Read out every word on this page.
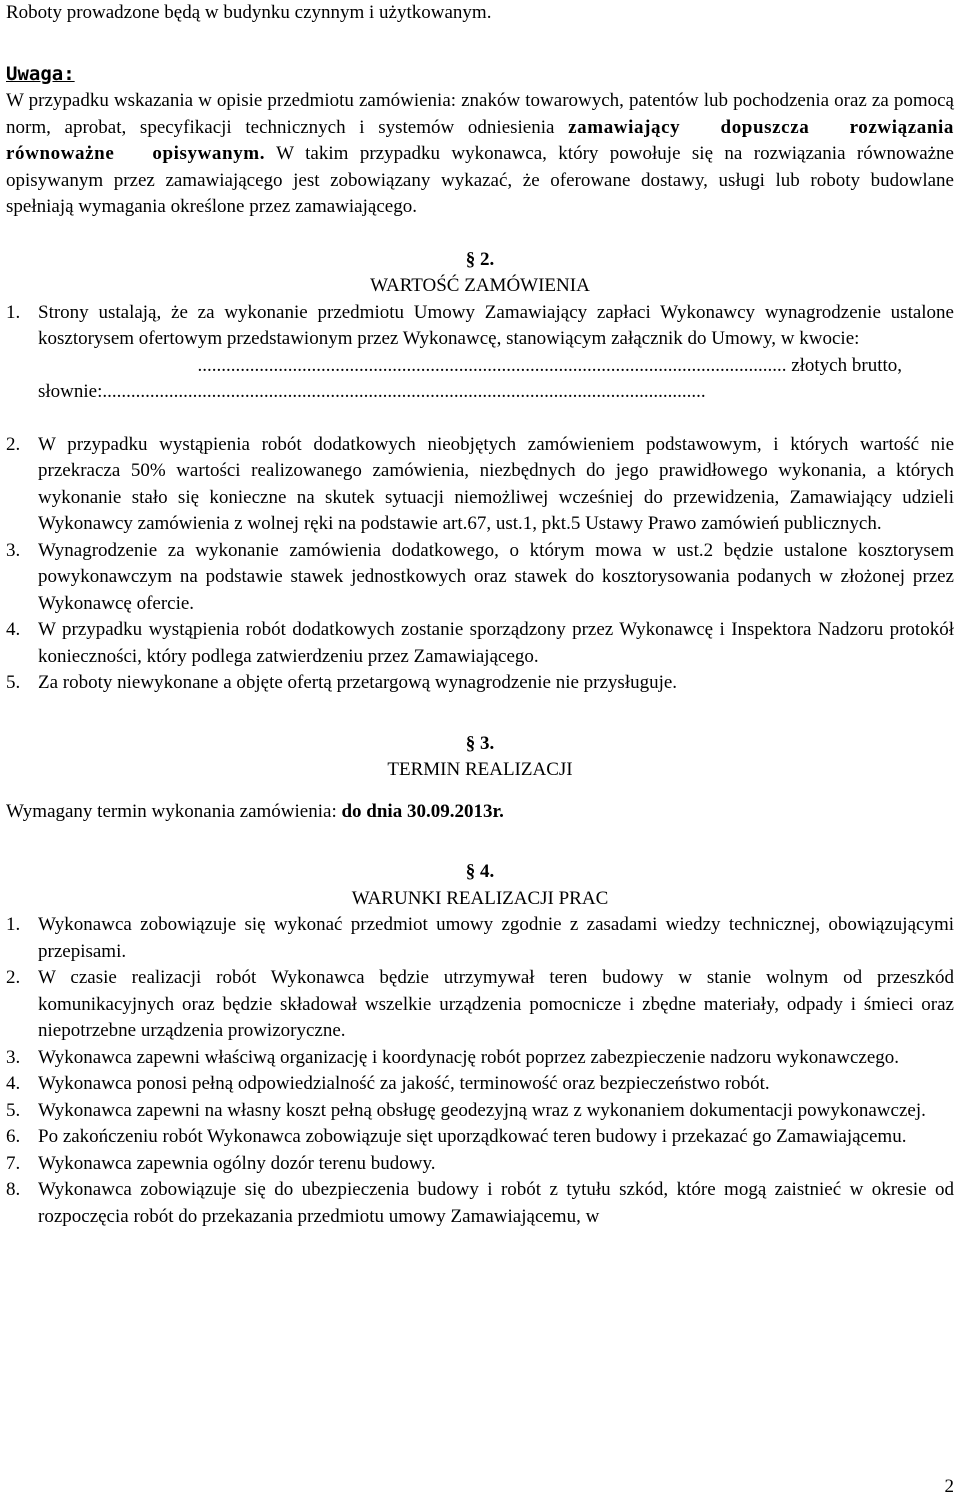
Roboty prowadzone będą w budynku czynnym i użytkowanym.

Uwaga:

W przypadku wskazania w opisie przedmiotu zamówienia: znaków towarowych, patentów lub pochodzenia oraz za pomocą norm, aprobat, specyfikacji technicznych i systemów odniesienia zamawiający dopuszcza rozwiązania równoważne opisywanym. W takim przypadku wykonawca, który powołuje się na rozwiązania równoważne opisywanym przez zamawiającego jest zobowiązany wykazać, że oferowane dostawy, usługi lub roboty budowlane spełniają wymagania określone przez zamawiającego.

§ 2.

WARTOŚĆ ZAMÓWIENIA

1. Strony ustalają, że za wykonanie przedmiotu Umowy Zamawiający zapłaci Wykonawcy wynagrodzenie ustalone kosztorysem ofertowym przedstawionym przez Wykonawcę, stanowiącym załącznik do Umowy, w kwocie:

............................................................................................................................ złotych brutto,

słownie:...............................................................................................................................

2. W przypadku wystąpienia robót dodatkowych nieobjętych zamówieniem podstawowym, i których wartość nie przekracza 50% wartości realizowanego zamówienia, niezbędnych do jego prawidłowego wykonania, a których wykonanie stało się konieczne na skutek sytuacji niemożliwej wcześniej do przewidzenia, Zamawiający udzieli Wykonawcy zamówienia z wolnej ręki na podstawie art.67, ust.1, pkt.5 Ustawy Prawo zamówień publicznych.

3. Wynagrodzenie za wykonanie zamówienia dodatkowego, o którym mowa w ust.2 będzie ustalone kosztorysem powykonawczym na podstawie stawek jednostkowych oraz stawek do kosztorysowania podanych w złożonej przez Wykonawcę ofercie.

4. W przypadku wystąpienia robót dodatkowych zostanie sporządzony przez Wykonawcę i Inspektora Nadzoru protokół konieczności, który podlega zatwierdzeniu przez Zamawiającego.

5. Za roboty niewykonane a objęte ofertą przetargową wynagrodzenie nie przysługuje.

§ 3.

TERMIN REALIZACJI

Wymagany termin wykonania zamówienia: do dnia 30.09.2013r.

§ 4.

WARUNKI REALIZACJI PRAC

1. Wykonawca zobowiązuje się wykonać przedmiot umowy zgodnie z zasadami wiedzy technicznej, obowiązującymi przepisami.

2. W czasie realizacji robót Wykonawca będzie utrzymywał teren budowy w stanie wolnym od przeszkód komunikacyjnych oraz będzie składował wszelkie urządzenia pomocnicze i zbędne materiały, odpady i śmieci oraz niepotrzebne urządzenia prowizoryczne.

3. Wykonawca zapewni właściwą organizację i koordynację robót poprzez zabezpieczenie nadzoru wykonawczego.

4. Wykonawca ponosi pełną odpowiedzialność za jakość, terminowość oraz bezpieczeństwo robót.

5. Wykonawca zapewni na własny koszt pełną obsługę geodezyjną wraz z wykonaniem dokumentacji powykonawczej.

6. Po zakończeniu robót Wykonawca zobowiązuje sięt uporządkować teren budowy i przekazać go Zamawiającemu.

7. Wykonawca zapewnia ogólny dozór terenu budowy.

8. Wykonawca zobowiązuje się do ubezpieczenia budowy i robót z tytułu szkód, które mogą zaistnieć w okresie od rozpoczęcia robót do przekazania przedmiotu umowy Zamawiającemu, w

2
